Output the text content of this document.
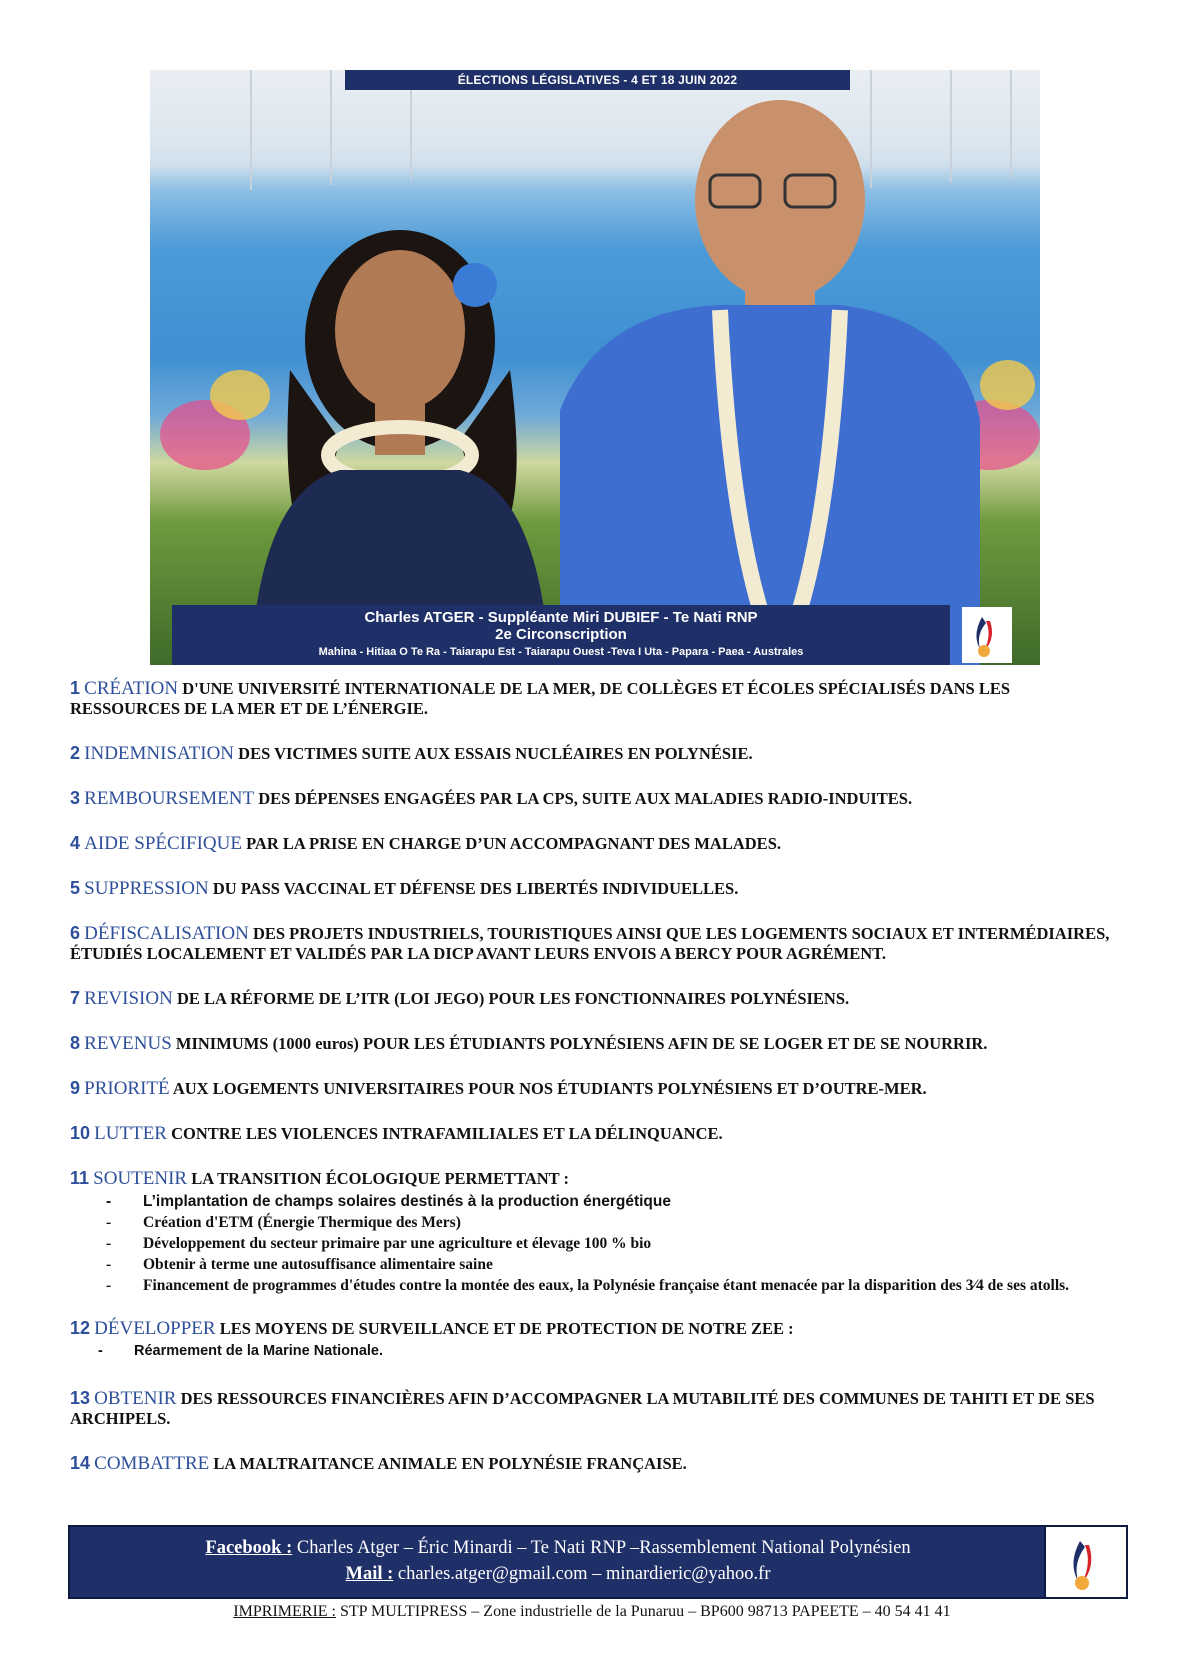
ÉLECTIONS LÉGISLATIVES - 4 ET 18 JUIN 2022
Charles ATGER - Suppléante Miri DUBIEF - Te Nati RNP
2e Circonscription
Mahina - Hitiaa O Te Ra - Taiarapu Est - Taiarapu Ouest -Teva I Uta - Papara - Paea - Australes
1 CRÉATION D'UNE UNIVERSITÉ INTERNATIONALE DE LA MER, DE COLLÈGES ET ÉCOLES SPÉCIALISÉS DANS LES RESSOURCES DE LA MER ET DE L’ÉNERGIE.
2 INDEMNISATION DES VICTIMES SUITE AUX ESSAIS NUCLÉAIRES EN POLYNÉSIE.
3 REMBOURSEMENT DES DÉPENSES ENGAGÉES PAR LA CPS, SUITE AUX MALADIES RADIO-INDUITES.
4 AIDE SPÉCIFIQUE PAR LA PRISE EN CHARGE D’UN ACCOMPAGNANT DES MALADES.
5 SUPPRESSION DU PASS VACCINAL ET DÉFENSE DES LIBERTÉS INDIVIDUELLES.
6 DÉFISCALISATION DES PROJETS INDUSTRIELS, TOURISTIQUES AINSI QUE LES LOGEMENTS SOCIAUX ET INTERMÉDIAIRES, ÉTUDIÉS LOCALEMENT ET VALIDÉS PAR LA DICP AVANT LEURS ENVOIS A BERCY POUR AGRÉMENT.
7 REVISION DE LA RÉFORME DE L’ITR (LOI JEGO) POUR LES FONCTIONNAIRES POLYNÉSIENS.
8 REVENUS MINIMUMS (1000 euros) POUR LES ÉTUDIANTS POLYNÉSIENS AFIN DE SE LOGER ET DE SE NOURRIR.
9 PRIORITÉ AUX LOGEMENTS UNIVERSITAIRES POUR NOS ÉTUDIANTS POLYNÉSIENS ET D’OUTRE-MER.
10 LUTTER CONTRE LES VIOLENCES INTRAFAMILIALES ET LA DÉLINQUANCE.
11 SOUTENIR LA TRANSITION ÉCOLOGIQUE PERMETTANT :
- L’implantation de champs solaires destinés à la production énergétique
- Création d'ETM (Énergie Thermique des Mers)
- Développement du secteur primaire par une agriculture et élevage 100 % bio
- Obtenir à terme une autosuffisance alimentaire saine
- Financement de programmes d'études contre la montée des eaux, la Polynésie française étant menacée par la disparition des 3⁄4 de ses atolls.
12 DÉVELOPPER LES MOYENS DE SURVEILLANCE ET DE PROTECTION DE NOTRE ZEE :
- Réarmement de la Marine Nationale.
13 OBTENIR DES RESSOURCES FINANCIÈRES AFIN D’ACCOMPAGNER LA MUTABILITÉ DES COMMUNES DE TAHITI ET DE SES ARCHIPELS.
14 COMBATTRE LA MALTRAITANCE ANIMALE EN POLYNÉSIE FRANÇAISE.
Facebook : Charles Atger – Éric Minardi – Te Nati RNP –Rassemblement National Polynésien
Mail : charles.atger@gmail.com – minardieric@yahoo.fr
IMPRIMERIE : STP MULTIPRESS – Zone industrielle de la Punaruu – BP600 98713 PAPEETE – 40 54 41 41
